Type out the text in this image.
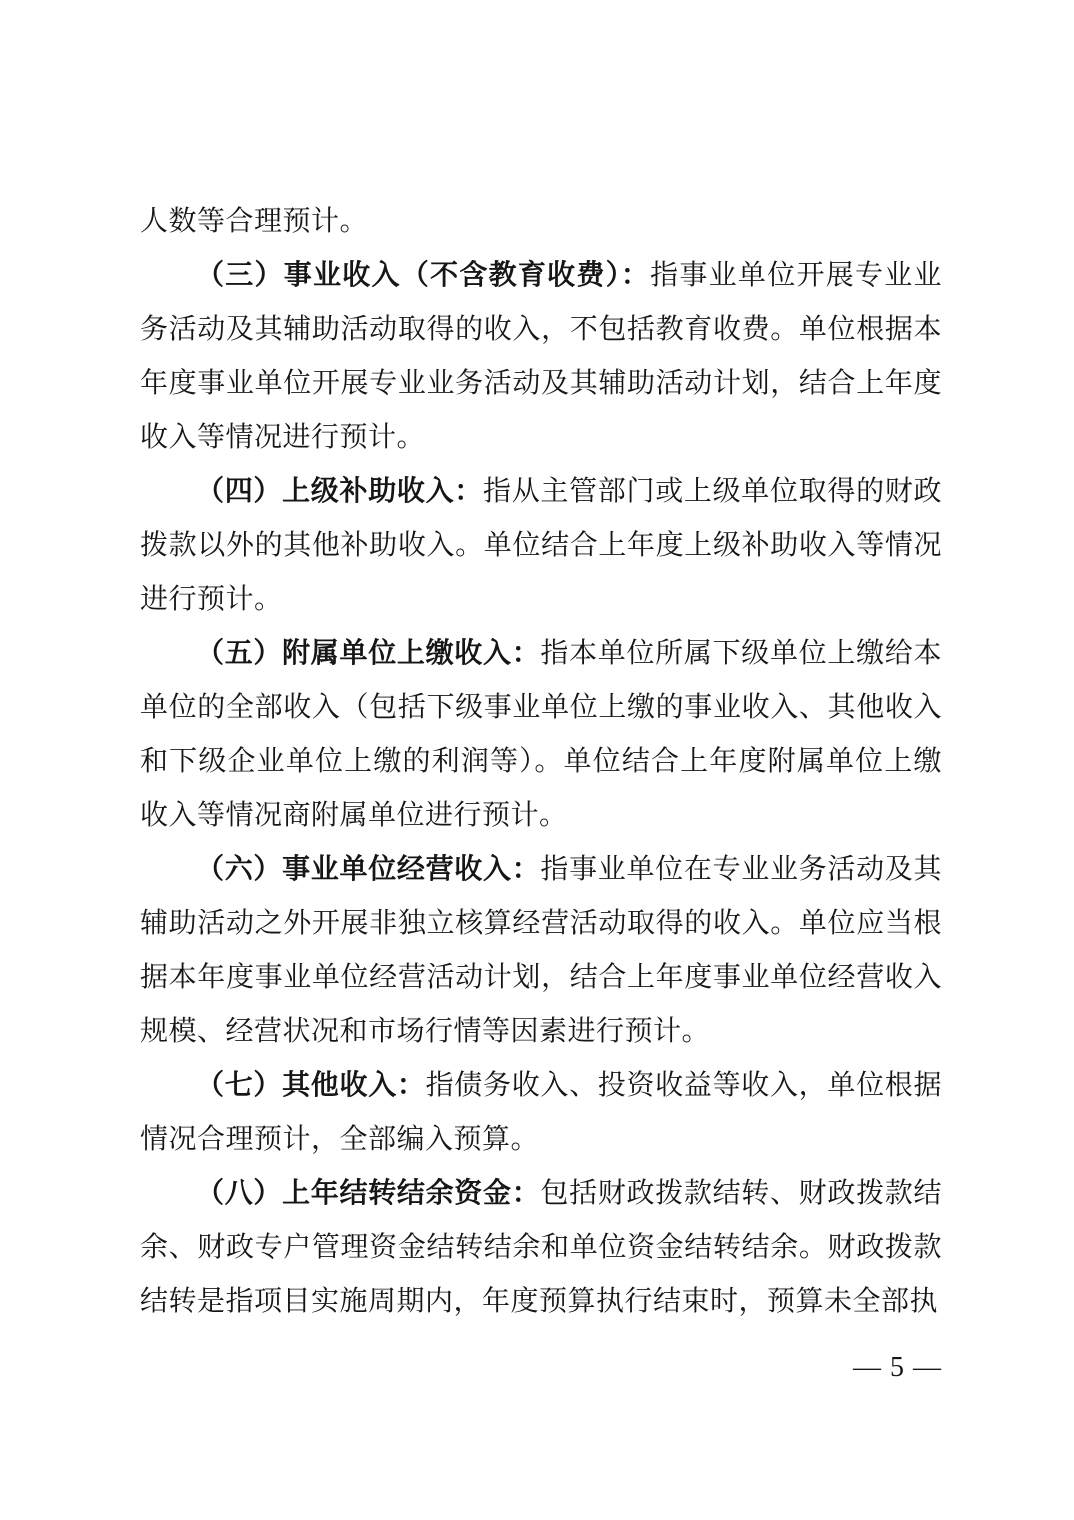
人数等合理预计。

（三）事业收入（不含教育收费）：指事业单位开展专业业务活动及其辅助活动取得的收入，不包括教育收费。单位根据本年度事业单位开展专业业务活动及其辅助活动计划，结合上年度收入等情况进行预计。

（四）上级补助收入：指从主管部门或上级单位取得的财政拨款以外的其他补助收入。单位结合上年度上级补助收入等情况进行预计。

（五）附属单位上缴收入：指本单位所属下级单位上缴给本单位的全部收入（包括下级事业单位上缴的事业收入、其他收入和下级企业单位上缴的利润等）。单位结合上年度附属单位上缴收入等情况商附属单位进行预计。

（六）事业单位经营收入：指事业单位在专业业务活动及其辅助活动之外开展非独立核算经营活动取得的收入。单位应当根据本年度事业单位经营活动计划，结合上年度事业单位经营收入规模、经营状况和市场行情等因素进行预计。

（七）其他收入：指债务收入、投资收益等收入，单位根据情况合理预计，全部编入预算。

（八）上年结转结余资金：包括财政拨款结转、财政拨款结余、财政专户管理资金结转结余和单位资金结转结余。财政拨款结转是指项目实施周期内，年度预算执行结束时，预算未全部执

— 5 —
